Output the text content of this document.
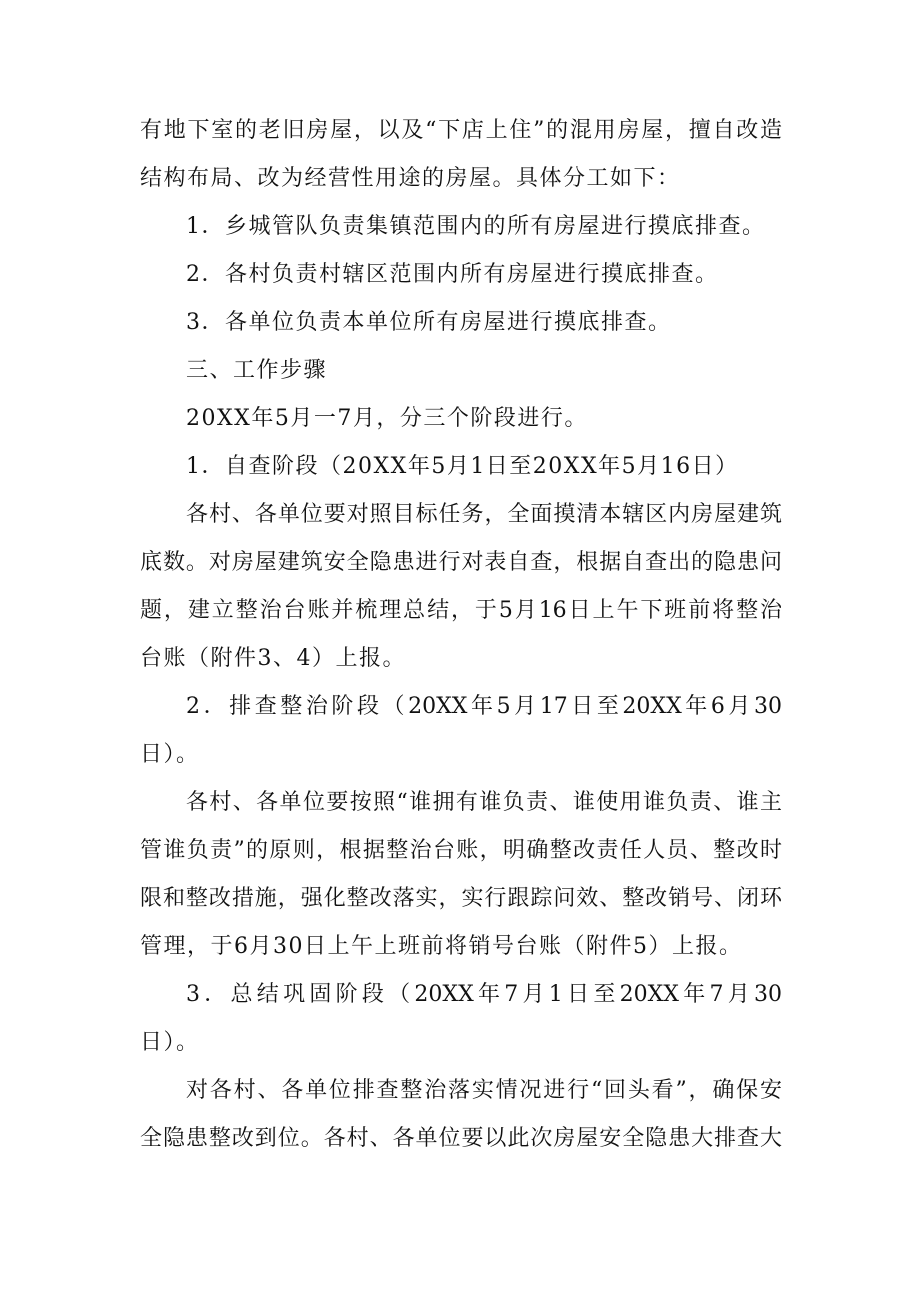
有地下室的老旧房屋，以及“下店上住”的混用房屋，擅自改造
结构布局、改为经营性用途的房屋。具体分工如下：
1．乡城管队负责集镇范围内的所有房屋进行摸底排查。
2．各村负责村辖区范围内所有房屋进行摸底排查。
3．各单位负责本单位所有房屋进行摸底排查。
三、工作步骤
20XX年5月一7月，分三个阶段进行。
1．自查阶段（20XX年5月1日至20XX年5月16日）
各村、各单位要对照目标任务，全面摸清本辖区内房屋建筑
底数。对房屋建筑安全隐患进行对表自查，根据自查出的隐患问
题，建立整治台账并梳理总结，于5月16日上午下班前将整治
台账（附件3、4）上报。
2．排查整治阶段（20XX年5月17日至20XX年6月30
日）。
各村、各单位要按照“谁拥有谁负责、谁使用谁负责、谁主
管谁负责”的原则，根据整治台账，明确整改责任人员、整改时
限和整改措施，强化整改落实，实行跟踪问效、整改销号、闭环
管理，于6月30日上午上班前将销号台账（附件5）上报。
3．总结巩固阶段（20XX年7月1日至20XX年7月30
日）。
对各村、各单位排查整治落实情况进行“回头看”，确保安
全隐患整改到位。各村、各单位要以此次房屋安全隐患大排查大
